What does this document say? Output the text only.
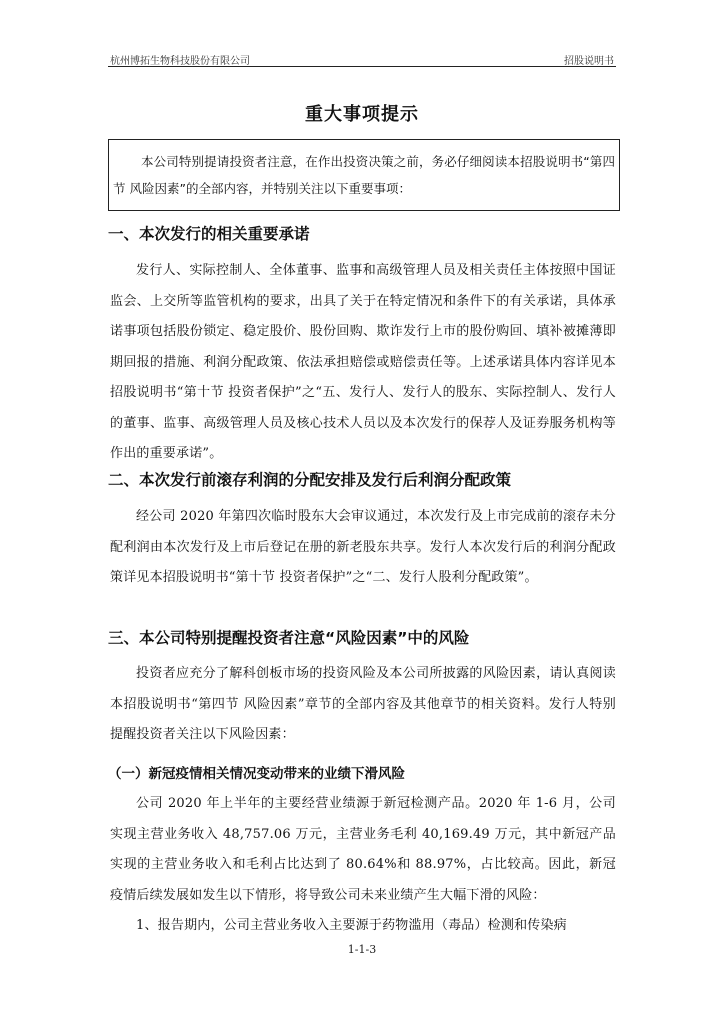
杭州博拓生物科技股份有限公司	招股说明书
重大事项提示

本公司特别提请投资者注意，在作出投资决策之前，务必仔细阅读本招股说明书“第四节 风险因素”的全部内容，并特别关注以下重要事项：

一、本次发行的相关重要承诺

发行人、实际控制人、全体董事、监事和高级管理人员及相关责任主体按照中国证监会、上交所等监管机构的要求，出具了关于在特定情况和条件下的有关承诺，具体承诺事项包括股份锁定、稳定股价、股份回购、欺诈发行上市的股份购回、填补被摊薄即期回报的措施、利润分配政策、依法承担赔偿或赔偿责任等。上述承诺具体内容详见本招股说明书“第十节 投资者保护”之“五、发行人、发行人的股东、实际控制人、发行人的董事、监事、高级管理人员及核心技术人员以及本次发行的保荐人及证券服务机构等作出的重要承诺”。

二、本次发行前滚存利润的分配安排及发行后利润分配政策

经公司 2020 年第四次临时股东大会审议通过，本次发行及上市完成前的滚存未分配利润由本次发行及上市后登记在册的新老股东共享。发行人本次发行后的利润分配政策详见本招股说明书“第十节 投资者保护”之“二、发行人股利分配政策”。

三、本公司特别提醒投资者注意“风险因素”中的风险

投资者应充分了解科创板市场的投资风险及本公司所披露的风险因素，请认真阅读本招股说明书“第四节 风险因素”章节的全部内容及其他章节的相关资料。发行人特别提醒投资者关注以下风险因素：

（一）新冠疫情相关情况变动带来的业绩下滑风险

公司 2020 年上半年的主要经营业绩源于新冠检测产品。2020 年 1-6 月，公司实现主营业务收入 48,757.06 万元，主营业务毛利 40,169.49 万元，其中新冠产品实现的主营业务收入和毛利占比达到了 80.64%和 88.97%，占比较高。因此，新冠疫情后续发展如发生以下情形，将导致公司未来业绩产生大幅下滑的风险：

1、报告期内，公司主营业务收入主要源于药物滥用（毒品）检测和传染病

1-1-3
